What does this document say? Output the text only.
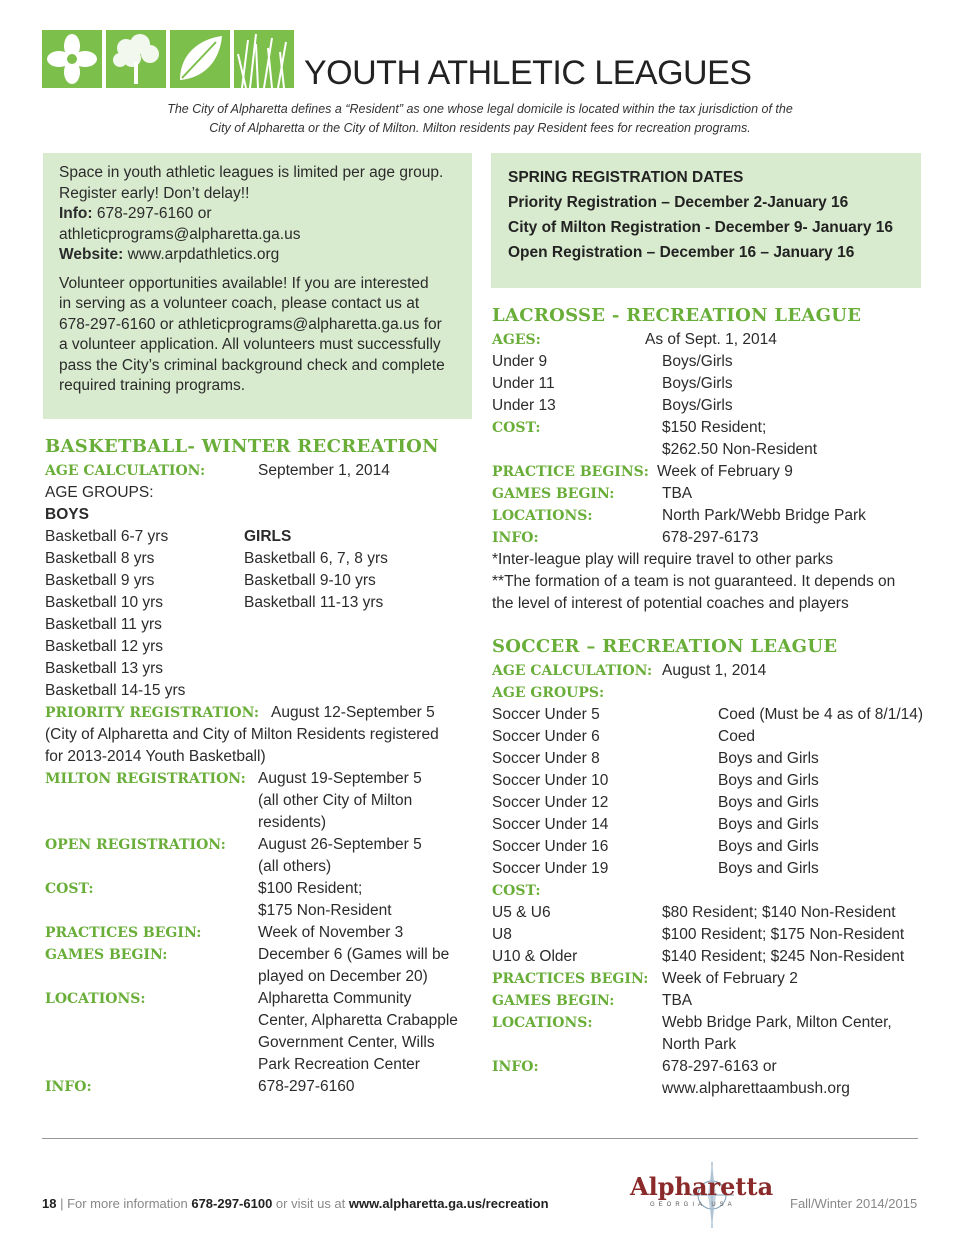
YOUTH ATHLETIC LEAGUES
The City of Alpharetta defines a “Resident” as one whose legal domicile is located within the tax jurisdiction of the
City of Alpharetta or the City of Milton. Milton residents pay Resident fees for recreation programs.

Space in youth athletic leagues is limited per age group.

Register early! Don’t delay!!

Info: 678-297-6160 or

athleticprograms@alpharetta.ga.us

Website: www.arpdathletics.org

Volunteer opportunities available! If you are interested

in serving as a volunteer coach, please contact us at

678-297-6160 or athleticprograms@alpharetta.ga.us for

a volunteer application. All volunteers must successfully

pass the City’s criminal background check and complete

required training programs.

SPRING REGISTRATION DATES
Priority Registration – December 2-January 16
City of Milton Registration - December 9- January 16
Open Registration – December 16 – January 16
BASKETBALL- WINTER RECREATION
AGE CALCULATION:	September 1, 2014
AGE GROUPS:
BOYS
Basketball 6-7 yrs	GIRLS
Basketball 8 yrs	Basketball 6, 7, 8 yrs
Basketball 9 yrs	Basketball 9-10 yrs
Basketball 10 yrs	Basketball 11-13 yrs
Basketball 11 yrs
Basketball 12 yrs
Basketball 13 yrs
Basketball 14-15 yrs
PRIORITY REGISTRATION: August 12-September 5
(City of Alpharetta and City of Milton Residents registered
for 2013-2014 Youth Basketball)
MILTON REGISTRATION: August 19-September 5
(all other City of Milton
residents)
OPEN REGISTRATION: August 26-September 5
(all others)
COST:	$100 Resident;
$175 Non-Resident
PRACTICES BEGIN:	Week of November 3
GAMES BEGIN:	December 6 (Games will be
played on December 20)
LOCATIONS:	Alpharetta Community
Center, Alpharetta Crabapple
Government Center, Wills
Park Recreation Center
INFO:	678-297-6160
LACROSSE - RECREATION LEAGUE
AGES:	As of Sept. 1, 2014
Under 9	Boys/Girls
Under 11	Boys/Girls
Under 13	Boys/Girls
COST:	$150 Resident;
$262.50 Non-Resident
PRACTICE BEGINS: Week of February 9
GAMES BEGIN:	TBA
LOCATIONS:	North Park/Webb Bridge Park
INFO:	678-297-6173
*Inter-league play will require travel to other parks
**The formation of a team is not guaranteed. It depends on
the level of interest of potential coaches and players
SOCCER – RECREATION LEAGUE
AGE CALCULATION: August 1, 2014
AGE GROUPS:
Soccer Under 5	Coed (Must be 4 as of 8/1/14)
Soccer Under 6	Coed
Soccer Under 8	Boys and Girls
Soccer Under 10	Boys and Girls
Soccer Under 12	Boys and Girls
Soccer Under 14	Boys and Girls
Soccer Under 16	Boys and Girls
Soccer Under 19	Boys and Girls
COST:
U5 & U6	$80 Resident; $140 Non-Resident
U8	$100 Resident; $175 Non-Resident
U10 & Older	$140 Resident; $245 Non-Resident
PRACTICES BEGIN: Week of February 2
GAMES BEGIN:	TBA
LOCATIONS:	Webb Bridge Park, Milton Center,
North Park
INFO:	678-297-6163 or
www.alpharettaambush.org
18 | For more information 678-297-6100 or visit us at www.alpharetta.ga.us/recreation
Alpharetta
GEORGIA USA	Fall/Winter 2014/2015
